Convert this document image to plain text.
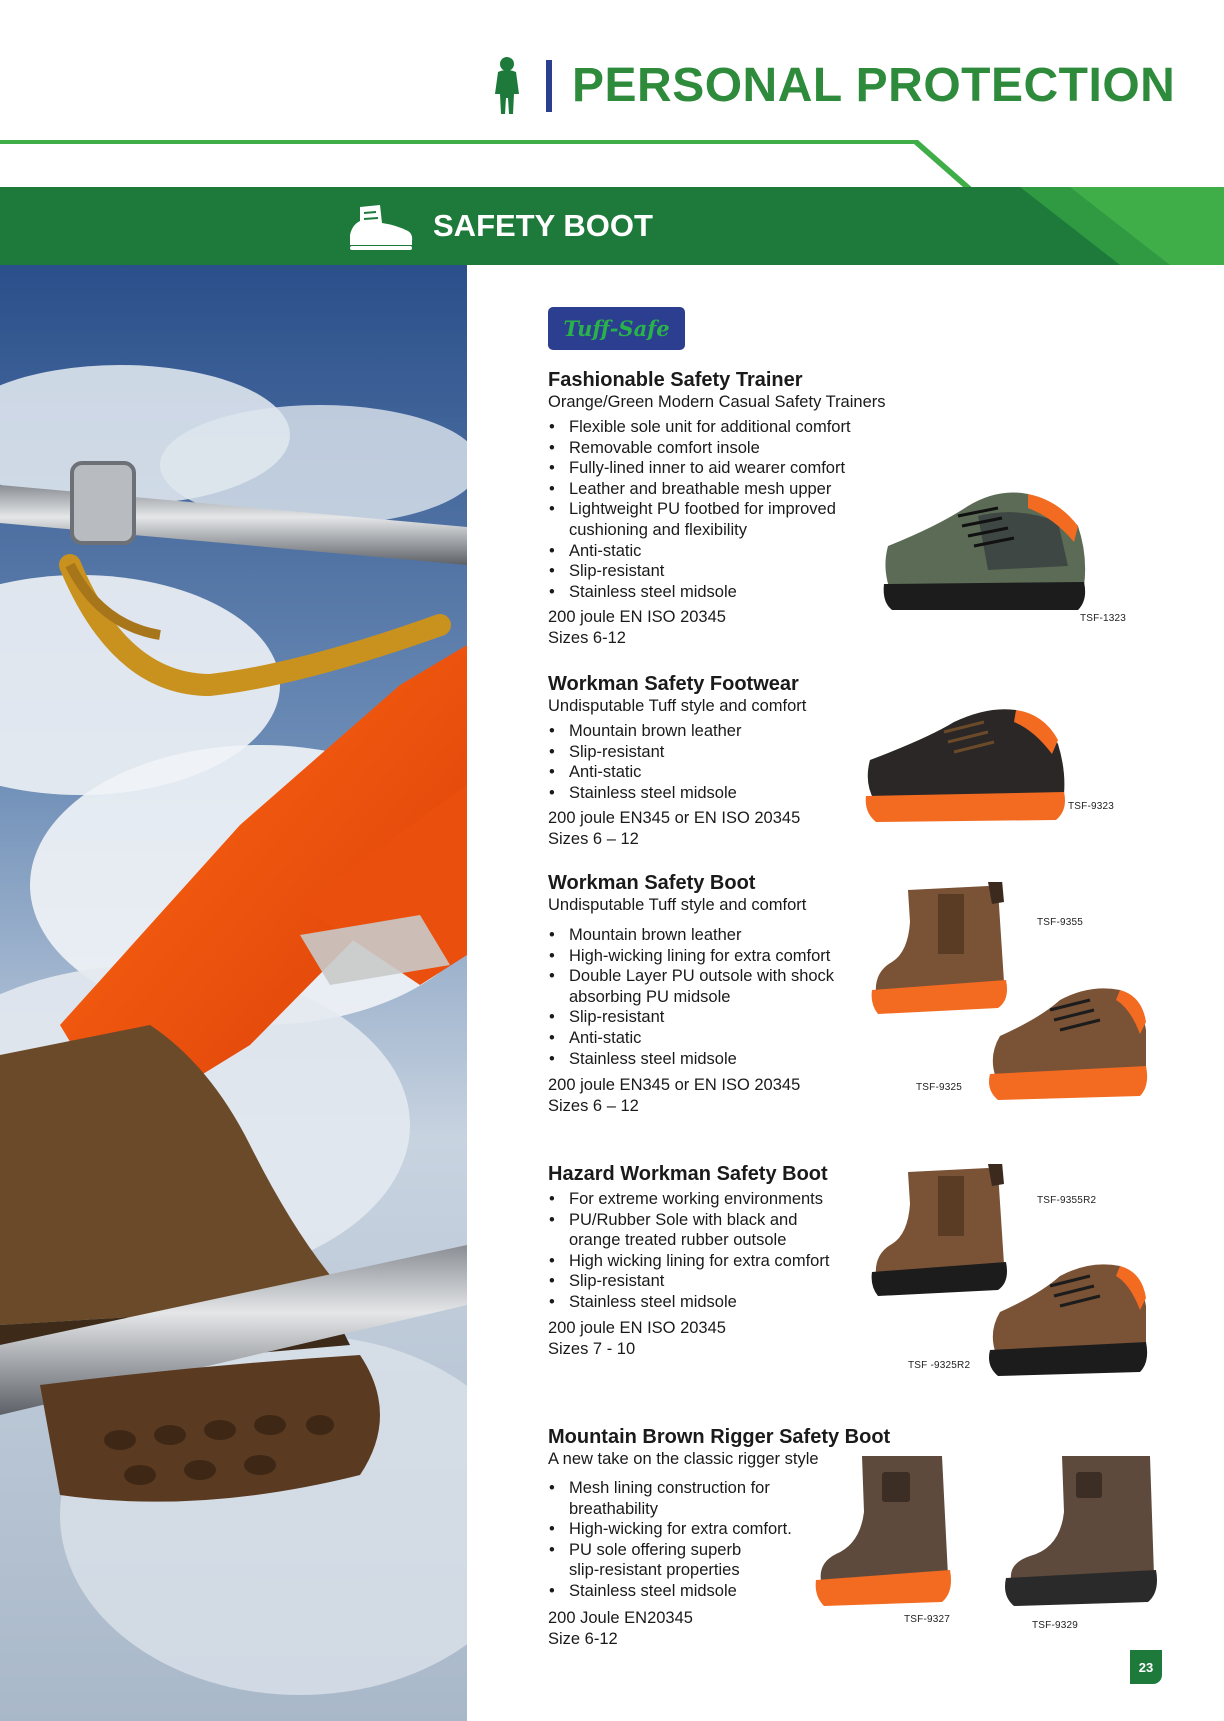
PERSONAL PROTECTION
SAFETY BOOT
Tuff-Safe
Fashionable Safety Trainer
Orange/Green Modern Casual Safety Trainers
• Flexible sole unit for additional comfort
• Removable comfort insole
• Fully-lined inner to aid wearer comfort
• Leather and breathable mesh upper
• Lightweight PU footbed for improved cushioning and flexibility
• Anti-static
• Slip-resistant
• Stainless steel midsole
200 joule EN ISO 20345
Sizes 6-12
TSF-1323
Workman Safety Footwear
Undisputable Tuff style and comfort
• Mountain brown leather
• Slip-resistant
• Anti-static
• Stainless steel midsole
200 joule EN345 or EN ISO 20345
Sizes 6 – 12
TSF-9323
Workman Safety Boot
Undisputable Tuff style and comfort
• Mountain brown leather
• High-wicking lining for extra comfort
• Double Layer PU outsole with shock absorbing PU midsole
• Slip-resistant
• Anti-static
• Stainless steel midsole
200 joule EN345 or EN ISO 20345
Sizes 6 – 12
TSF-9355
TSF-9325
Hazard Workman Safety Boot
• For extreme working environments
• PU/Rubber Sole with black and orange treated rubber outsole
• High wicking lining for extra comfort
• Slip-resistant
• Stainless steel midsole
200 joule EN ISO 20345
Sizes 7 - 10
TSF-9355R2
TSF -9325R2
Mountain Brown Rigger Safety Boot
A new take on the classic rigger style
• Mesh lining construction for breathability
• High-wicking for extra comfort.
• PU sole offering superb slip-resistant properties
• Stainless steel midsole
200 Joule EN20345
Size 6-12
TSF-9327
TSF-9329
23
